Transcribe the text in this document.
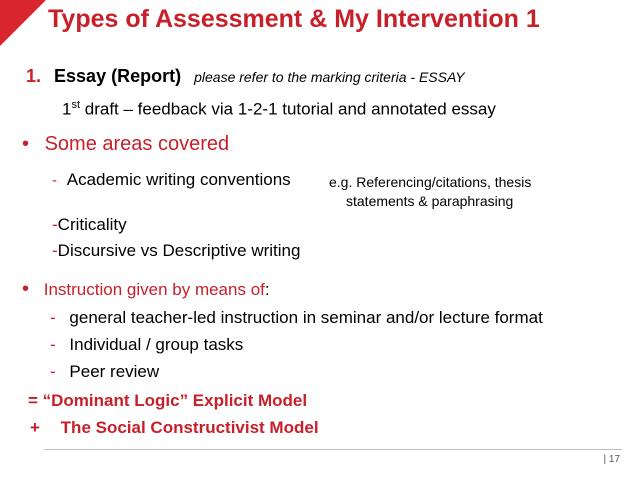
Types of Assessment & My Intervention 1
1. Essay (Report) please refer to the marking criteria - ESSAY
1st draft – feedback via 1-2-1 tutorial and annotated essay
• Some areas covered
- Academic writing conventions	e.g. Referencing/citations, thesis
statements & paraphrasing
-Criticality
-Discursive vs Descriptive writing
• Instruction given by means of:
- general teacher-led instruction in seminar and/or lecture format
- Individual / group tasks
- Peer review
= “Dominant Logic” Explicit Model
+ The Social Constructivist Model
| 17
